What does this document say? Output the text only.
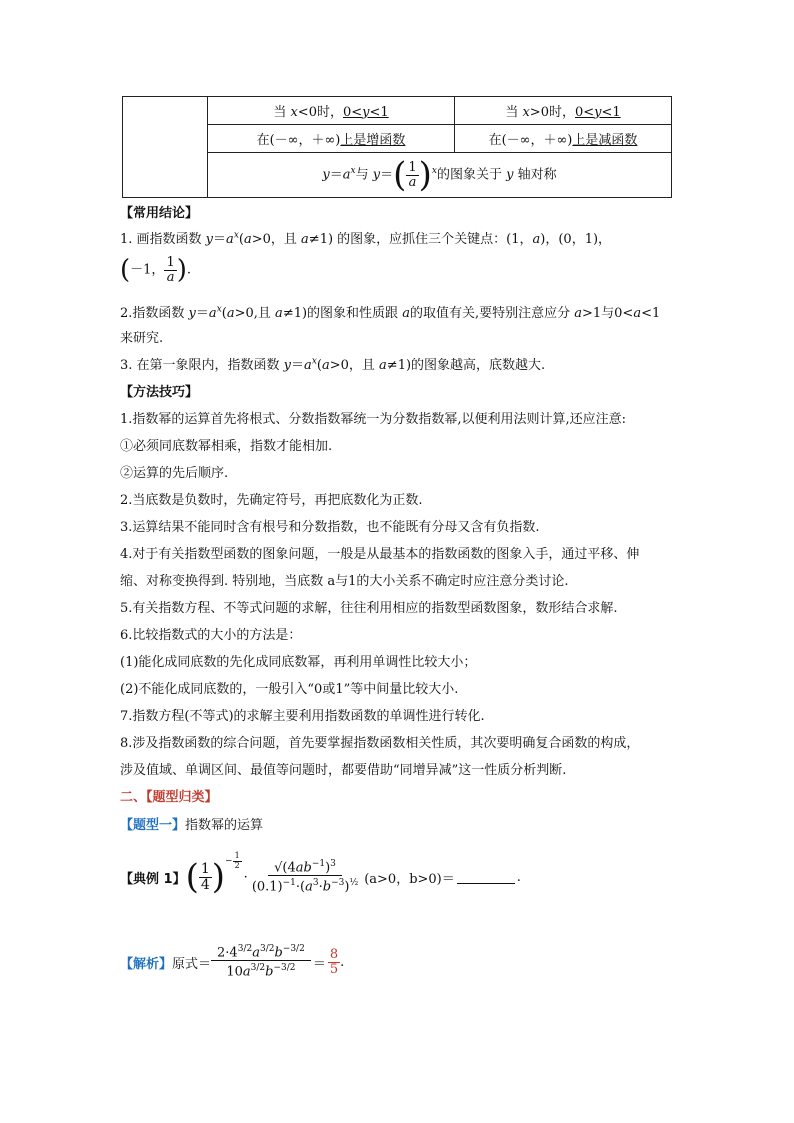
	当 x<0时，0<y<1	当 x>0时，0<y<1
	在(－∞，＋∞)上是增函数	在(－∞，＋∞)上是减函数
	$y=a^x$与 $y=( \frac{1}{a} )^x$的图象关于 y 轴对称	
【常用结论】
1. 画指数函数 $y=a^x(a>0$，且 a≠1) 的图象，应抓住三个关键点：(1，a)，(0，1)，
(－1， $\frac{1}{a}$ ).
2.指数函数 $y=a^x(a>0$,且 a≠1)的图象和性质跟 a的取值有关,要特别注意应分 a>1与0<a<1
来研究.
3. 在第一象限内，指数函数 $y=a^x(a>0$，且 a≠1)的图象越高，底数越大.
【方法技巧】
1.指数幂的运算首先将根式、分数指数幂统一为分数指数幂,以便利用法则计算,还应注意:
①必须同底数幂相乘，指数才能相加.
②运算的先后顺序.
2.当底数是负数时，先确定符号，再把底数化为正数.
3.运算结果不能同时含有根号和分数指数，也不能既有分母又含有负指数.
4.对于有关指数型函数的图象问题，一般是从最基本的指数函数的图象入手，通过平移、伸
缩、对称变换得到. 特别地，当底数 a与1的大小关系不确定时应注意分类讨论.
5.有关指数方程、不等式问题的求解，往往利用相应的指数型函数图象，数形结合求解.
6.比较指数式的大小的方法是：
(1)能化成同底数的先化成同底数幂，再利用单调性比较大小；
(2)不能化成同底数的，一般引入“0或1”等中间量比较大小.
7.指数方程(不等式)的求解主要利用指数函数的单调性进行转化.
8.涉及指数函数的综合问题，首先要掌握指数函数相关性质，其次要明确复合函数的构成，
涉及值域、单调区间、最值等问题时，都要借助“同增异减”这一性质分析判断.
二、【题型归类】
【题型一】指数幂的运算
【典例 1】 ( $\frac{1}{4} )^{- \frac{1}{2}}$
· $\frac{√(4ab^{-1})^3}{(0.1)^{-1}\cdot(a^3\cdot b^{-3})^{\frac{1}{2}}} (a>0$，b>0)＝	.
【解析】 原式＝ $\frac{2\cdot 4^{3/2}a^{3/2}b^{-3/2}}{10a^{3/2}b^{-3/2}} = \frac{8}{5}$ .
